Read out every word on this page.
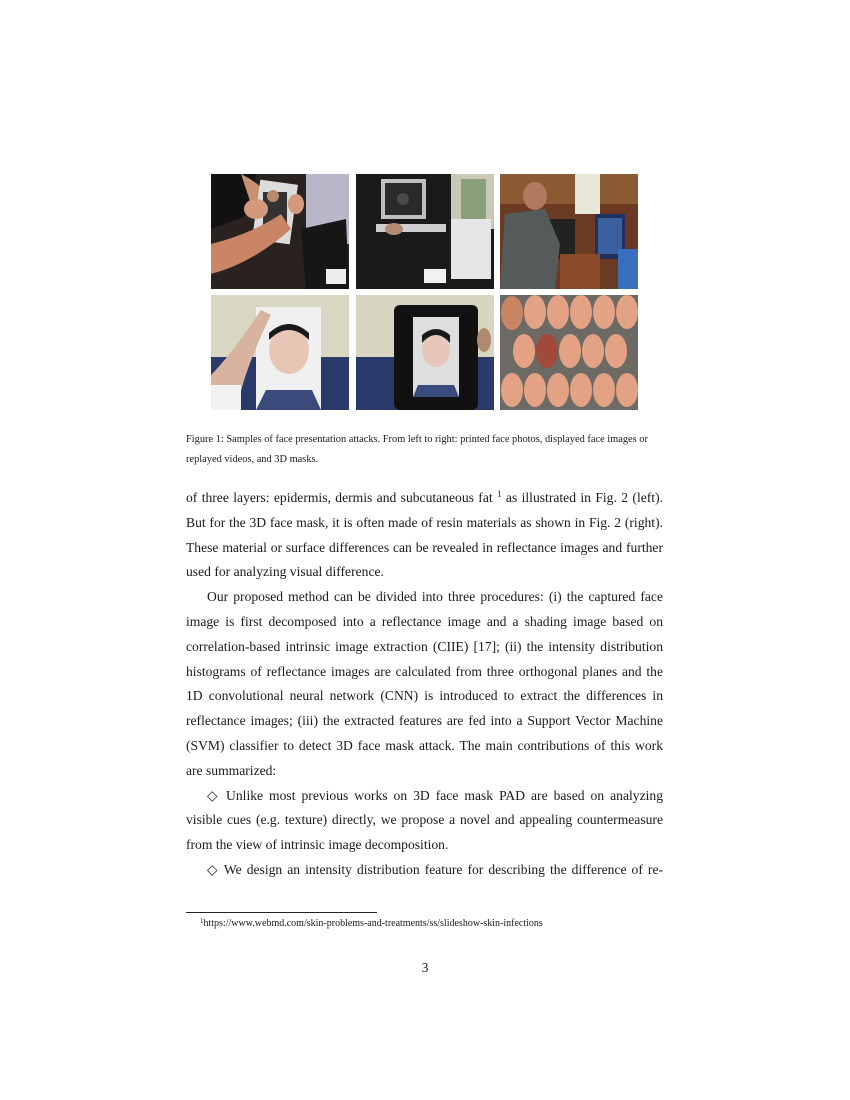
Figure 1: Samples of face presentation attacks. From left to right: printed face photos, displayed face images or replayed videos, and 3D masks.

of three layers: epidermis, dermis and subcutaneous fat $^1$ as illustrated in Fig. 2 (left). But for the 3D face mask, it is often made of resin materials as shown in Fig. 2 (right). These material or surface differences can be revealed in reflectance images and further used for analyzing visual difference.

Our proposed method can be divided into three procedures: (i) the captured face image is first decomposed into a reflectance image and a shading image based on correlation-based intrinsic image extraction (CIIE) [17]; (ii) the intensity distribution histograms of reflectance images are calculated from three orthogonal planes and the 1D convolutional neural network (CNN) is introduced to extract the differences in reflectance images; (iii) the extracted features are fed into a Support Vector Machine (SVM) classifier to detect 3D face mask attack. The main contributions of this work are summarized:

◇ Unlike most previous works on 3D face mask PAD are based on analyzing visible cues (e.g. texture) directly, we propose a novel and appealing countermeasure from the view of intrinsic image decomposition.

◇ We design an intensity distribution feature for describing the difference of re-

$^1$https://www.webmd.com/skin-problems-and-treatments/ss/slideshow-skin-infections
3
